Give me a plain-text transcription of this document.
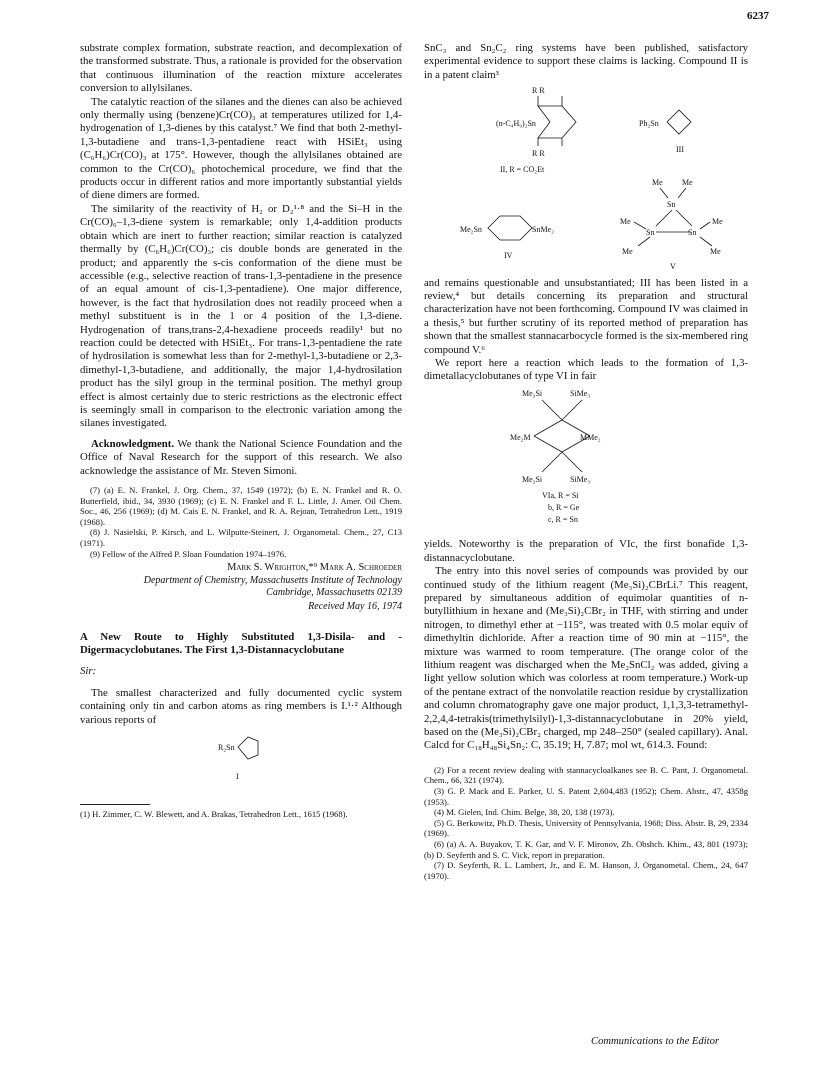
6237

substrate complex formation, substrate reaction, and decomplexation of the transformed substrate. Thus, a rationale is provided for the observation that continuous illumination of the reaction mixture accelerates conversion to allylsilanes.

The catalytic reaction of the silanes and the dienes can also be achieved only thermally using (benzene)Cr(CO)₃ at temperatures utilized for 1,4-hydrogenation of 1,3-dienes by this catalyst.⁷ We find that both 2-methyl-1,3-butadiene and trans-1,3-pentadiene react with HSiEt₃ using (C₆H₆)Cr(CO)₃ at 175°. However, though the allylsilanes obtained are common to the Cr(CO)₆ photochemical procedure, we find that the products occur in different ratios and more importantly substantial yields of diene dimers are formed.

The similarity of the reactivity of H₂ or D₂¹·⁸ and the Si–H in the Cr(CO)₆–1,3-diene system is remarkable; only 1,4-addition products obtain which are inert to further reaction; similar reaction is catalyzed thermally by (C₆H₆)Cr(CO)₃; cis double bonds are generated in the product; and apparently the s-cis conformation of the diene must be accessible (e.g., selective reaction of trans-1,3-pentadiene in the presence of an equal amount of cis-1,3-pentadiene). One major difference, however, is the fact that hydrosilation does not readily proceed when a methyl substituent is in the 1 or 4 position of the 1,3-diene. Hydrogenation of trans,trans-2,4-hexadiene proceeds readily¹ but no reaction could be detected with HSiEt₃. For trans-1,3-pentadiene the rate of hydrosilation is somewhat less than for 2-methyl-1,3-butadiene or 2,3-dimethyl-1,3-butadiene, and additionally, the major 1,4-hydrosilation product has the silyl group in the terminal position. The methyl group effect is almost certainly due to steric restrictions as the electronic effect is seemingly small in comparison to the electronic variation among the silanes investigated.

Acknowledgment. We thank the National Science Foundation and the Office of Naval Research for the support of this research. We also acknowledge the assistance of Mr. Steven Simoni.

(7) (a) E. N. Frankel, J. Org. Chem., 37, 1549 (1972); (b) E. N. Frankel and R. O. Butterfield, ibid., 34, 3930 (1969); (c) E. N. Frankel and F. L. Little, J. Amer. Oil Chem. Soc., 46, 256 (1969); (d) M. Cais E. N. Frankel, and R. A. Rejoan, Tetrahedron Lett., 1919 (1968).

(8) J. Nasielski, P. Kirsch, and L. Wilputte-Steinert, J. Organometal. Chem., 27, C13 (1971).

(9) Fellow of the Alfred P. Sloan Foundation 1974–1976.

Mark S. Wrighton,*⁹ Mark A. Schroeder
Department of Chemistry, Massachusetts Institute of Technology
Cambridge, Massachusetts 02139
Received May 16, 1974
A New Route to Highly Substituted 1,3-Disila- and -Digermacyclobutanes. The First 1,3-Distannacyclobutane
Sir:

The smallest characterized and fully documented cyclic system containing only tin and carbon atoms as ring members is I.¹·² Although various reports of

R₂Sn
I
(1) H. Zimmer, C. W. Blewett, and A. Brakas, Tetrahedron Lett., 1615 (1968).

SnC₃ and Sn₂C₂ ring systems have been published, satisfactory experimental evidence to support these claims is lacking. Compound II is in a patent claim³

R R
(n-C₄H₉)₂Sn
R R
II, R = CO₂Et
Ph₂Sn
III
Me₂Sn	SnMe₂
IV
Me Me
Sn
Me
Sn	Sn
Me
Me	Me
V

and remains questionable and unsubstantiated; III has been listed in a review,⁴ but details concerning its preparation and structural characterization have not been forthcoming. Compound IV was claimed in a thesis,⁵ but further scrutiny of its reported method of preparation has shown that the smallest stannacarbocycle formed is the six-membered ring compound V.⁶

We report here a reaction which leads to the formation of 1,3-dimetallacyclobutanes of type VI in fair

Me₃Si	SiMe₃
Me₂M	MMe₂
Me₃Si	SiMe₃
VIa, R = Si
b, R = Ge
c, R = Sn

yields. Noteworthy is the preparation of VIc, the first bonafide 1,3-distannacyclobutane.

The entry into this novel series of compounds was provided by our continued study of the lithium reagent (Me₃Si)₂CBrLi.⁷ This reagent, prepared by simultaneous addition of equimolar quantities of n-butyllithium in hexane and (Me₃Si)₂CBr₂ in THF, with stirring and under nitrogen, to dimethyl ether at −115°, was treated with 0.5 molar equiv of dimethyltin dichloride. After a reaction time of 90 min at −115°, the mixture was warmed to room temperature. (The orange color of the lithium reagent was discharged when the Me₂SnCl₂ was added, giving a light yellow solution which was colorless at room temperature.) Work-up of the pentane extract of the nonvolatile reaction residue by crystallization and column chromatography gave one major product, 1,1,3,3-tetramethyl-2,2,4,4-tetrakis(trimethylsilyl)-1,3-distannacyclobutane in 20% yield, based on the (Me₃Si)₂CBr₂ charged, mp 248–250° (sealed capillary). Anal. Calcd for C₁₈H₄₈Si₄Sn₂: C, 35.19; H, 7.87; mol wt, 614.3. Found:

(2) For a recent review dealing with stannacycloalkanes see B. C. Pant, J. Organometal. Chem., 66, 321 (1974).

(3) G. P. Mack and E. Parker, U. S. Patent 2,604,483 (1952); Chem. Abstr., 47, 4358g (1953).

(4) M. Gielen, Ind. Chim. Belge, 38, 20, 138 (1973).

(5) G. Berkowitz, Ph.D. Thesis, University of Pennsylvania, 1968; Diss. Abstr. B, 29, 2334 (1969).

(6) (a) A. A. Buyakov, T. K. Gar, and V. F. Mironov, Zh. Obshch. Khim., 43, 801 (1973); (b) D. Seyferth and S. C. Vick, report in preparation.

(7) D. Seyferth, R. L. Lambert, Jr., and E. M. Hanson, J. Organometal. Chem., 24, 647 (1970).

Communications to the Editor
